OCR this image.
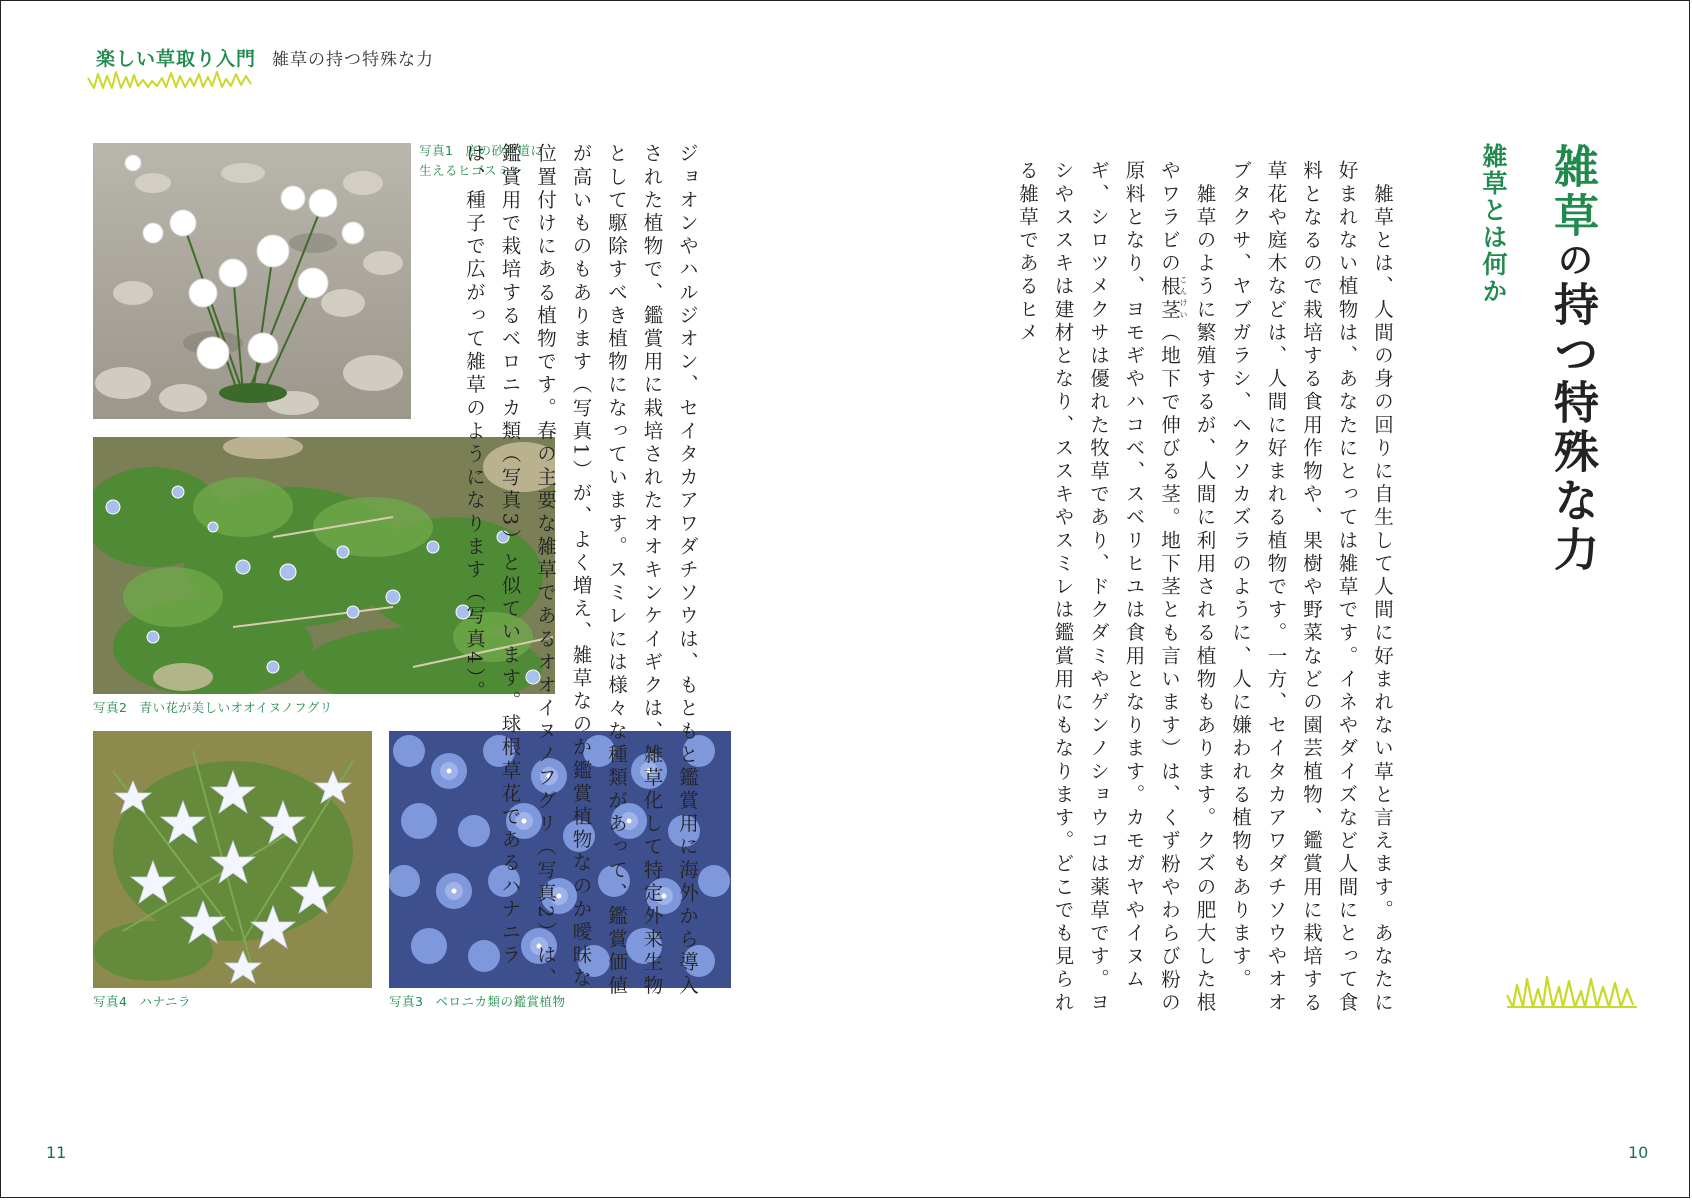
楽しい草取り入門 雑草の持つ特殊な力
写真1 庭の砂利道に
生えるヒゴスミレ
写真2 青い花が美しいオオイヌノフグリ
写真4 ハナニラ	写真3 ベロニカ類の鑑賞植物
雑草の持つ特殊な力
雑草とは何か

　雑草とは、人間の身の回りに自生して人間に好まれない草と言えます。あなたに好まれない植物は、あなたにとっては雑草です。イネやダイズなど人間にとって食料となるので栽培する食用作物や、果樹や野菜などの園芸植物、鑑賞用に栽培する草花や庭木などは、人間に好まれる植物です。一方、セイタカアワダチソウやオオブタクサ、ヤブガラシ、ヘクソカズラのように、人に嫌われる植物もあります。

　雑草のように繁殖するが、人間に利用される植物もあります。クズの肥大した根やワラビの根茎こんけい（地下で伸びる茎。地下茎とも言います）は、くず粉やわらび粉の原料となり、ヨモギやハコベ、スベリヒユは食用となります。カモガヤやイヌムギ、シロツメクサは優れた牧草であり、ドクダミやゲンノショウコは薬草です。ヨシやススキは建材となり、ススキやスミレは鑑賞用にもなります。どこでも見られる雑草であるヒメ

ジョオンやハルジオン、セイタカアワダチソウは、もともと鑑賞用に海外から導入された植物で、鑑賞用に栽培されたオオキンケイギクは、雑草化して特定外来生物として駆除すべき植物になっています。スミレには様々な種類があって、鑑賞価値が高いものもあります（写真1）が、よく増え、雑草なのか鑑賞植物なのか曖昧な位置付けにある植物です。春の主要な雑草であるオオイヌノフグリ（写真2）は、鑑賞用で栽培するベロニカ類（写真3）と似ています。球根草花であるハナニラは、種子で広がって雑草のようになります（写真4）。

11	10
